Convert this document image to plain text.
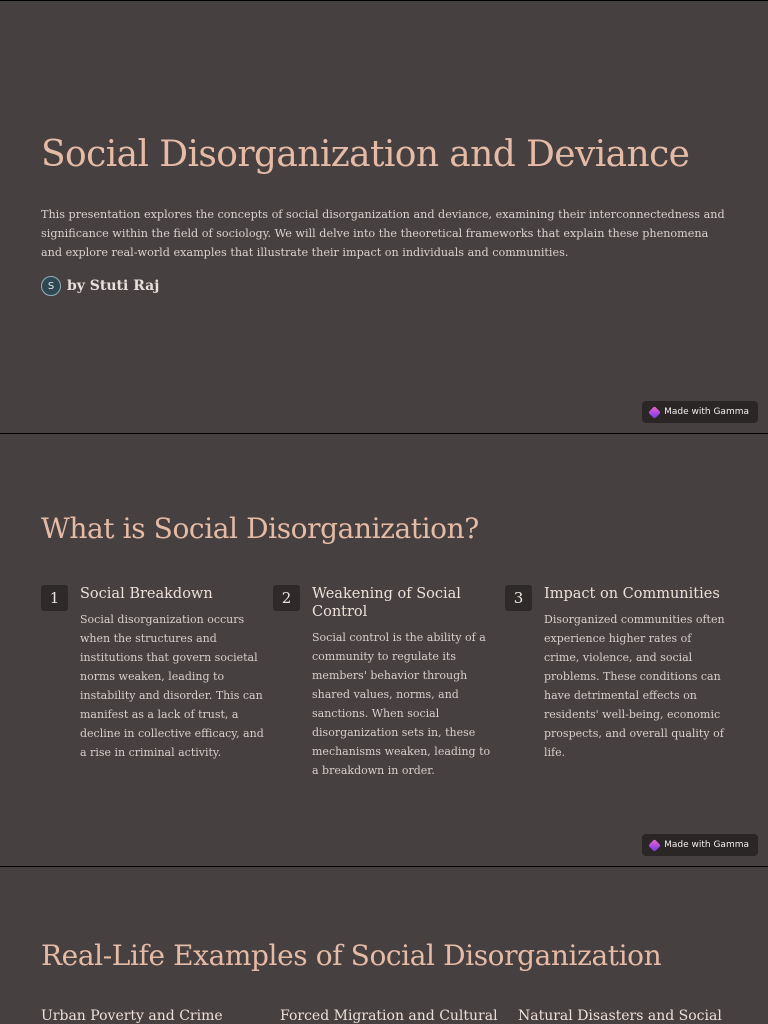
Social Disorganization and Deviance

This presentation explores the concepts of social disorganization and deviance, examining their interconnectedness and significance within the field of sociology. We will delve into the theoretical frameworks that explain these phenomena and explore real-world examples that illustrate their impact on individuals and communities.

S by Stuti Raj
Made with Gamma
What is Social Disorganization?
1	Social Breakdown
Social disorganization occurs when the structures and institutions that govern societal norms weaken, leading to instability and disorder. This can manifest as a lack of trust, a decline in collective efficacy, and a rise in criminal activity.
2	Weakening of Social Control
Social control is the ability of a community to regulate its members' behavior through shared values, norms, and sanctions. When social disorganization sets in, these mechanisms weaken, leading to a breakdown in order.
3	Impact on Communities
Disorganized communities often experience higher rates of crime, violence, and social problems. These conditions can have detrimental effects on residents' well-being, economic prospects, and overall quality of life.
Made with Gamma
Real-Life Examples of Social Disorganization
Urban Poverty and Crime	Forced Migration and Cultural Natural Disasters and Social
